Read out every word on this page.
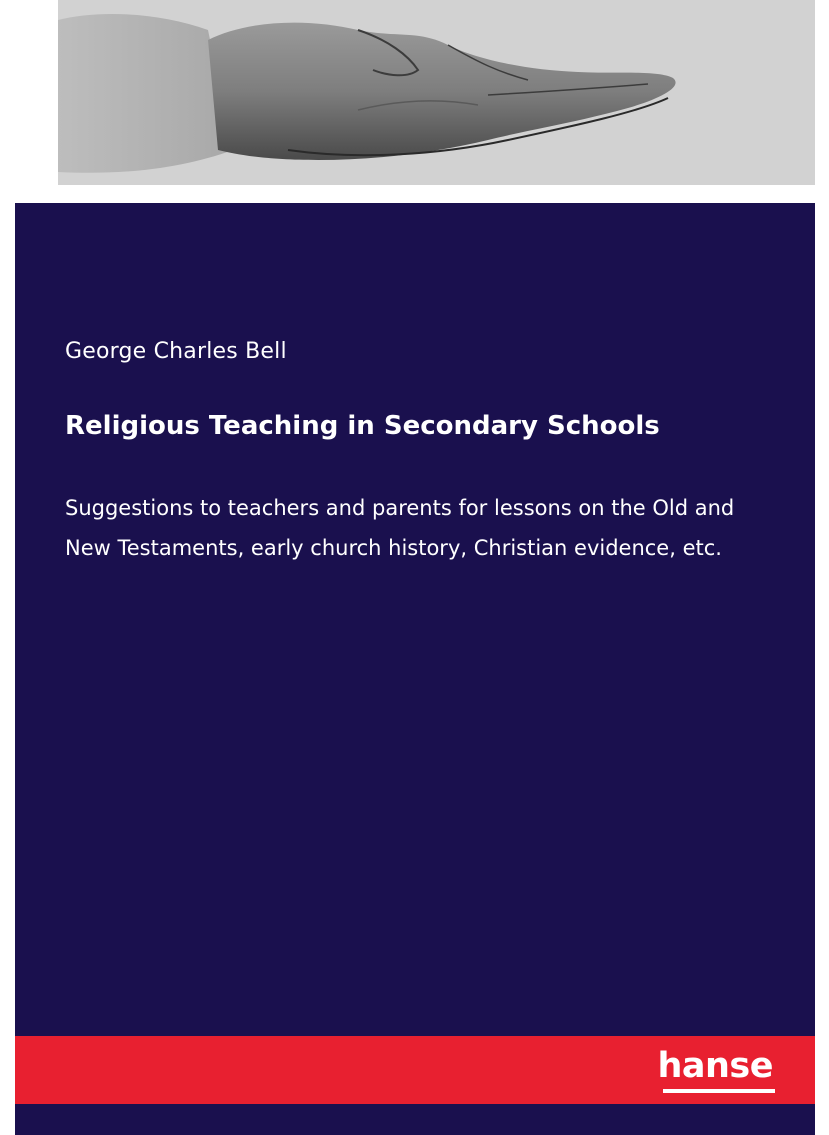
George Charles Bell

Religious Teaching in Secondary Schools

Suggestions to teachers and parents for lessons on the Old and New Testaments, early church history, Christian evidence, etc.

hanse
